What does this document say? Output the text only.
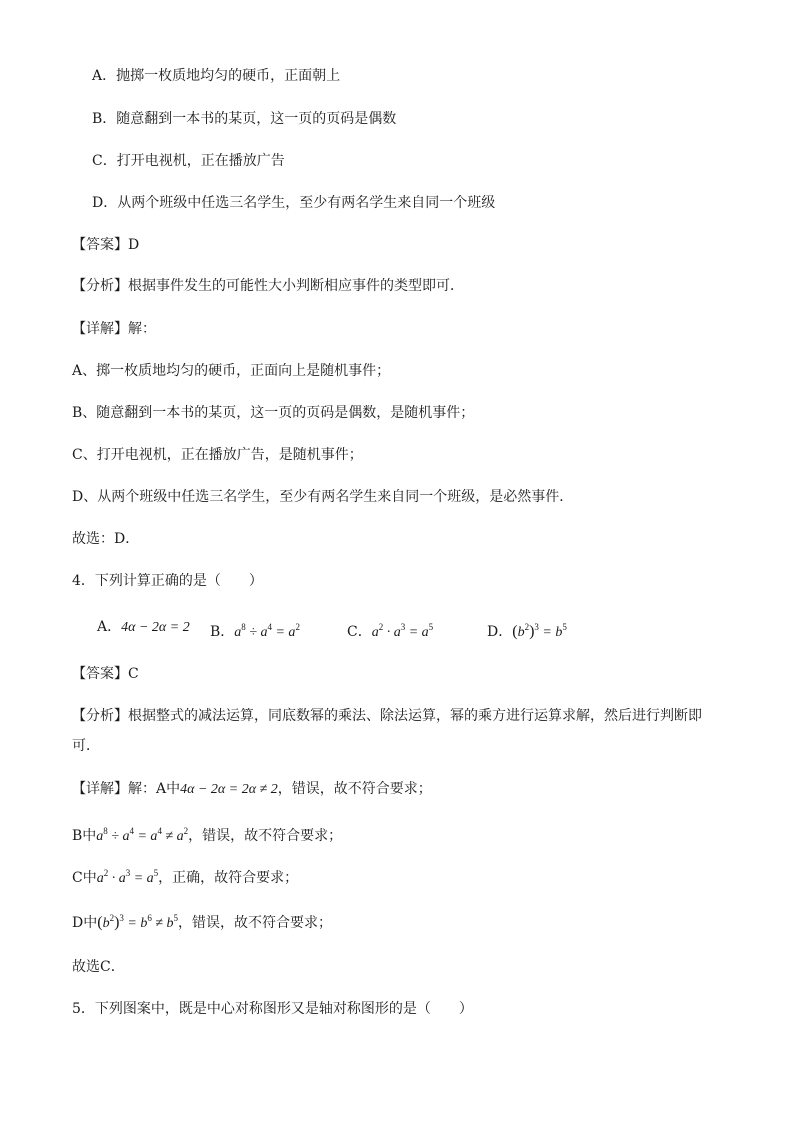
A．抛掷一枚质地均匀的硬币，正面朝上
B．随意翻到一本书的某页，这一页的页码是偶数
C．打开电视机，正在播放广告
D．从两个班级中任选三名学生，至少有两名学生来自同一个班级
【答案】D
【分析】根据事件发生的可能性大小判断相应事件的类型即可．
【详解】解：
A、掷一枚质地均匀的硬币，正面向上是随机事件；
B、随意翻到一本书的某页，这一页的页码是偶数，是随机事件；
C、打开电视机，正在播放广告，是随机事件；
D、从两个班级中任选三名学生，至少有两名学生来自同一个班级，是必然事件．
故选：D．
4．下列计算正确的是（　　）
A．4α − 2α = 2 B．$a^8 \div a^4 = a^2$	C．$a^2 \cdot a^3 = a^5$	D．$(b^2)^3 = b^5$
【答案】C
【分析】根据整式的减法运算，同底数幂的乘法、除法运算，幂的乘方进行运算求解，然后进行判断即
可．
【详解】解：A中4α − 2α = 2α ≠ 2，错误，故不符合要求；
B中$a^8 \div a^4 = a^4 \ne a^2$，错误，故不符合要求；
C中$a^2 \cdot a^3 = a^5$，正确，故符合要求；
D中$(b^2)^3 = b^6 \ne b^5$，错误，故不符合要求；
故选C．
5．下列图案中，既是中心对称图形又是轴对称图形的是（　　）
